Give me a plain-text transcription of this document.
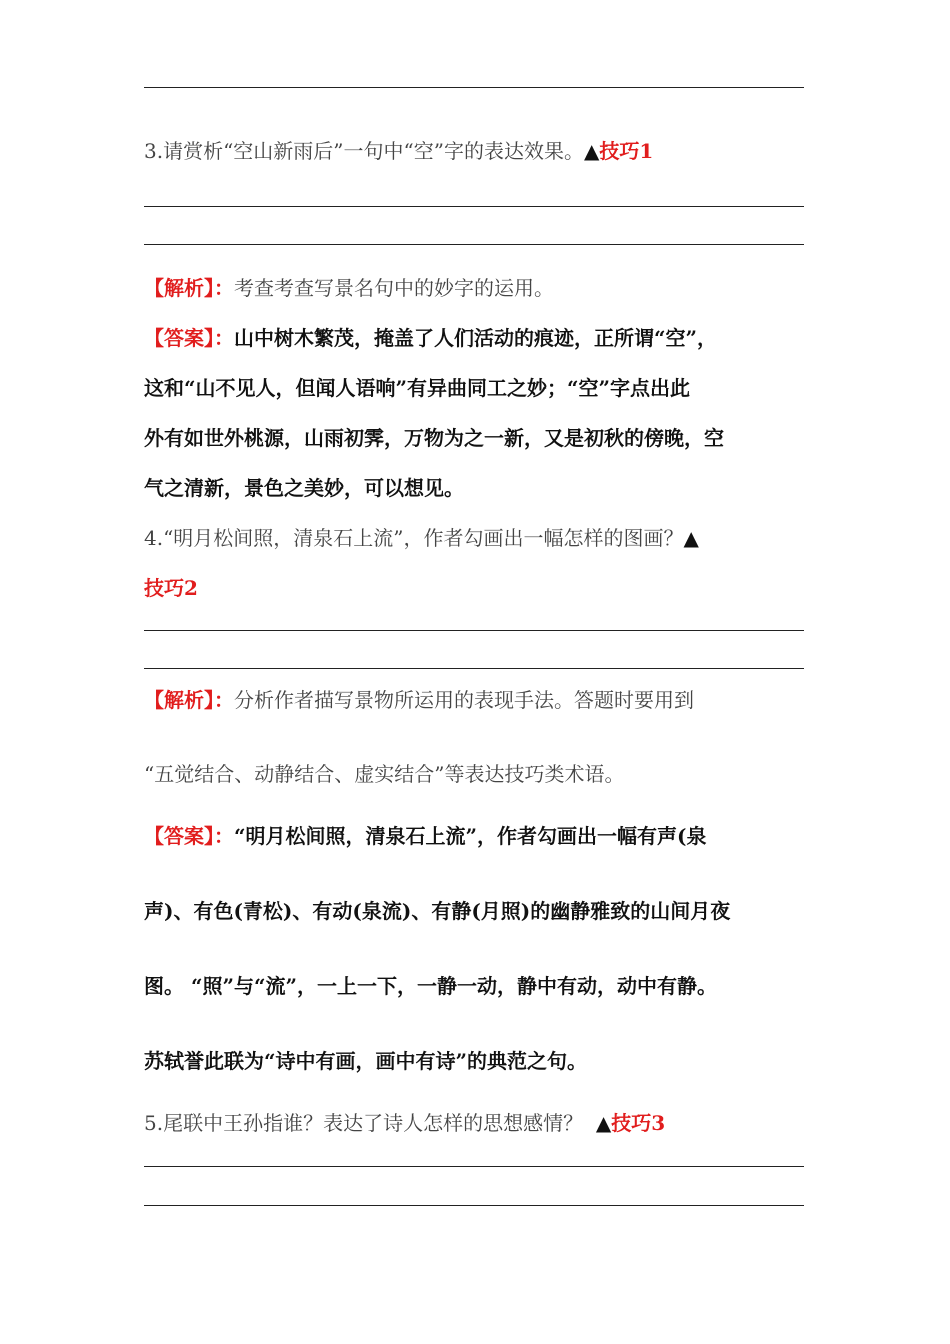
3.请赏析“空山新雨后”一句中“空”字的表达效果。▲技巧1
【解析】：考查考查写景名句中的妙字的运用。
【答案】：山中树木繁茂，掩盖了人们活动的痕迹，正所谓“空”，
这和“山不见人，但闻人语响”有异曲同工之妙；“空”字点出此
外有如世外桃源，山雨初霁，万物为之一新，又是初秋的傍晚，空
气之清新，景色之美妙，可以想见。
4.“明月松间照，清泉石上流”，作者勾画出一幅怎样的图画？▲
技巧2
【解析】：分析作者描写景物所运用的表现手法。答题时要用到
“五觉结合、动静结合、虚实结合”等表达技巧类术语。
【答案】：“明月松间照，清泉石上流”，作者勾画出一幅有声(泉
声)、有色(青松)、有动(泉流)、有静(月照)的幽静雅致的山间月夜
图。 “照”与“流”，一上一下，一静一动，静中有动，动中有静。
苏轼誉此联为“诗中有画，画中有诗”的典范之句。
5.尾联中王孙指谁？表达了诗人怎样的思想感情？ ▲技巧3
